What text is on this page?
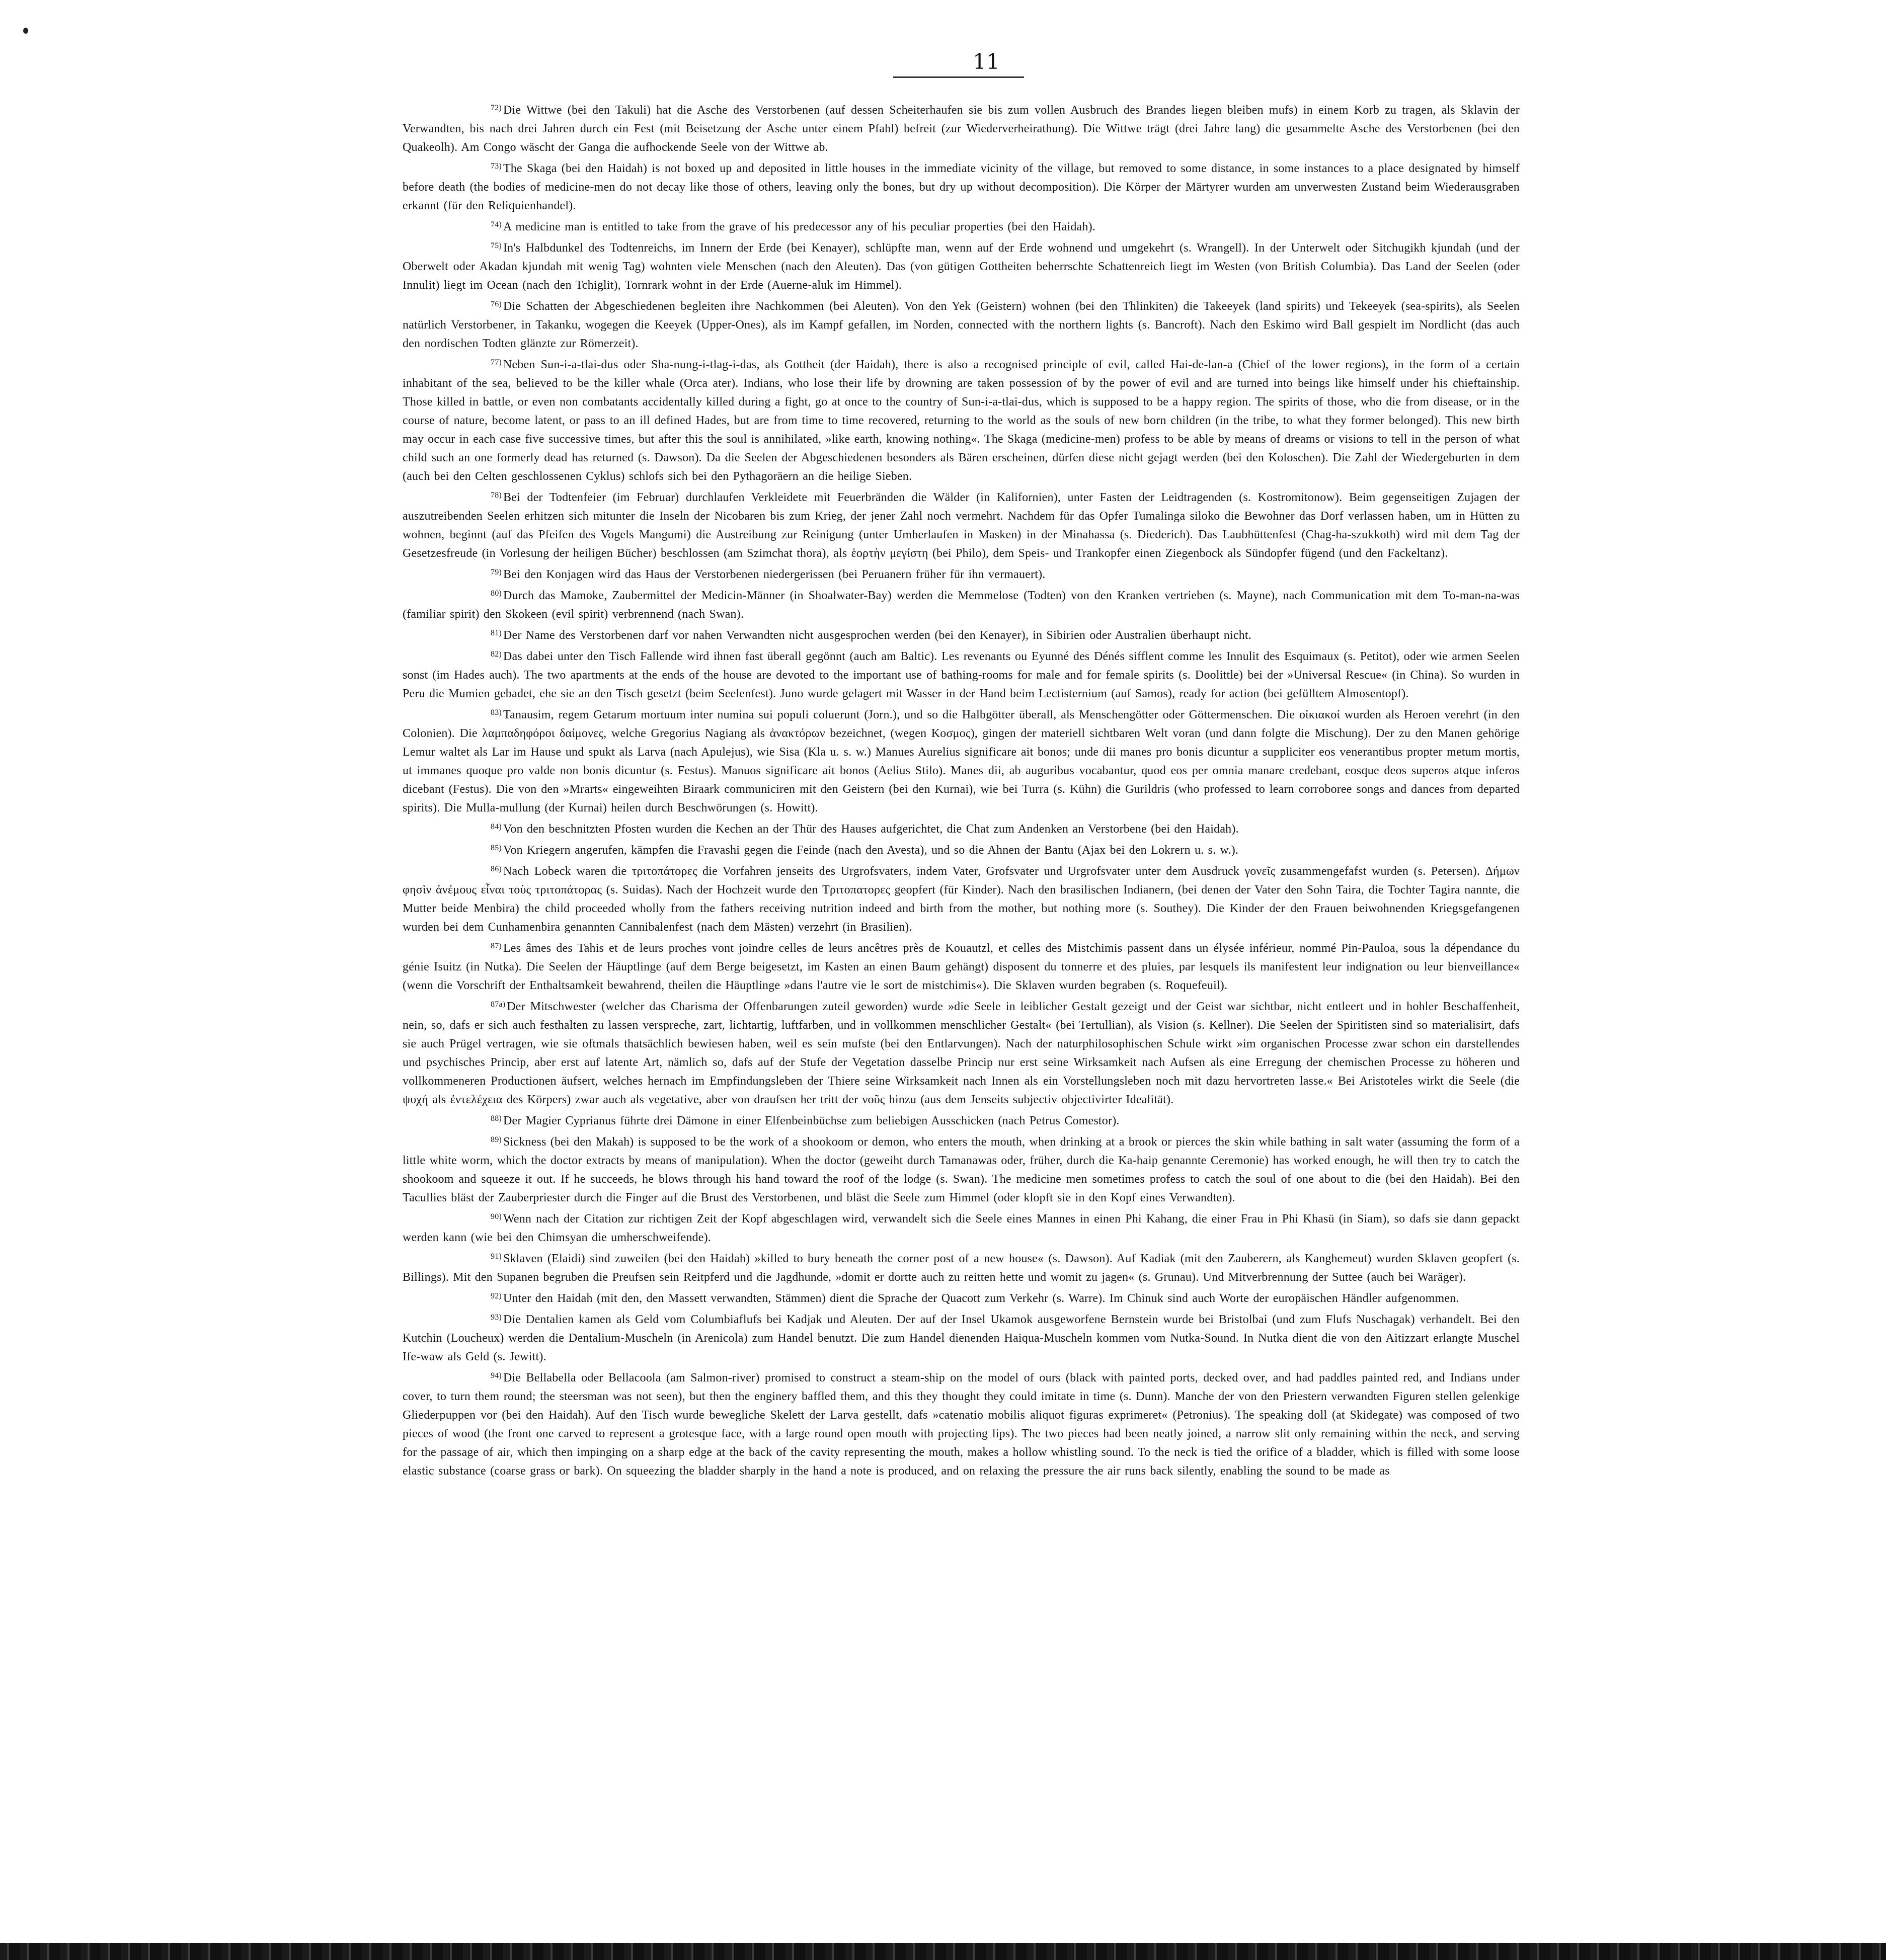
11

$^{72)}$ Die Wittwe (bei den Takuli) hat die Asche des Verstorbenen (auf dessen Scheiterhaufen sie bis zum vollen Ausbruch des Brandes liegen bleiben mufs) in einem Korb zu tragen, als Sklavin der Verwandten, bis nach drei Jahren durch ein Fest (mit Beisetzung der Asche unter einem Pfahl) befreit (zur Wiederverheirathung). Die Wittwe trägt (drei Jahre lang) die gesammelte Asche des Verstorbenen (bei den Quakeolh). Am Congo wäscht der Ganga die aufhockende Seele von der Wittwe ab.

$^{73)}$ The Skaga (bei den Haidah) is not boxed up and deposited in little houses in the immediate vicinity of the village, but removed to some distance, in some instances to a place designated by himself before death (the bodies of medicine-men do not decay like those of others, leaving only the bones, but dry up without decomposition). Die Körper der Märtyrer wurden am unverwesten Zustand beim Wiederausgraben erkannt (für den Reliquienhandel).

$^{74)}$ A medicine man is entitled to take from the grave of his predecessor any of his peculiar properties (bei den Haidah).

$^{75)}$ In's Halbdunkel des Todtenreichs, im Innern der Erde (bei Kenayer), schlüpfte man, wenn auf der Erde wohnend und umgekehrt (s. Wrangell). In der Unterwelt oder Sitchugikh kjundah (und der Oberwelt oder Akadan kjundah mit wenig Tag) wohnten viele Menschen (nach den Aleuten). Das (von gütigen Gottheiten beherrschte Schattenreich liegt im Westen (von British Columbia). Das Land der Seelen (oder Innulit) liegt im Ocean (nach den Tchiglit), Tornrark wohnt in der Erde (Auerne-aluk im Himmel).

$^{76)}$ Die Schatten der Abgeschiedenen begleiten ihre Nachkommen (bei Aleuten). Von den Yek (Geistern) wohnen (bei den Thlinkiten) die Takeeyek (land spirits) und Tekeeyek (sea-spirits), als Seelen natürlich Verstorbener, in Takanku, wogegen die Keeyek (Upper-Ones), als im Kampf gefallen, im Norden, connected with the northern lights (s. Bancroft). Nach den Eskimo wird Ball gespielt im Nordlicht (das auch den nordischen Todten glänzte zur Römerzeit).

$^{77)}$ Neben Sun-i-a-tlai-dus oder Sha-nung-i-tlag-i-das, als Gottheit (der Haidah), there is also a recognised principle of evil, called Hai-de-lan-a (Chief of the lower regions), in the form of a certain inhabitant of the sea, believed to be the killer whale (Orca ater). Indians, who lose their life by drowning are taken possession of by the power of evil and are turned into beings like himself under his chieftainship. Those killed in battle, or even non combatants accidentally killed during a fight, go at once to the country of Sun-i-a-tlai-dus, which is supposed to be a happy region. The spirits of those, who die from disease, or in the course of nature, become latent, or pass to an ill defined Hades, but are from time to time recovered, returning to the world as the souls of new born children (in the tribe, to what they former belonged). This new birth may occur in each case five successive times, but after this the soul is annihilated, »like earth, knowing nothing«. The Skaga (medicine-men) profess to be able by means of dreams or visions to tell in the person of what child such an one formerly dead has returned (s. Dawson). Da die Seelen der Abgeschiedenen besonders als Bären erscheinen, dürfen diese nicht gejagt werden (bei den Koloschen). Die Zahl der Wiedergeburten in dem (auch bei den Celten geschlossenen Cyklus) schlofs sich bei den Pythagoräern an die heilige Sieben.

$^{78)}$ Bei der Todtenfeier (im Februar) durchlaufen Verkleidete mit Feuerbränden die Wälder (in Kalifornien), unter Fasten der Leidtragenden (s. Kostromitonow). Beim gegenseitigen Zujagen der auszutreibenden Seelen erhitzen sich mitunter die Inseln der Nicobaren bis zum Krieg, der jener Zahl noch vermehrt. Nachdem für das Opfer Tumalinga siloko die Bewohner das Dorf verlassen haben, um in Hütten zu wohnen, beginnt (auf das Pfeifen des Vogels Mangumi) die Austreibung zur Reinigung (unter Umherlaufen in Masken) in der Minahassa (s. Diederich). Das Laubhüttenfest (Chag-ha-szukkoth) wird mit dem Tag der Gesetzesfreude (in Vorlesung der heiligen Bücher) beschlossen (am Szimchat thora), als ἑορτὴν μεγίστη (bei Philo), dem Speis- und Trankopfer einen Ziegenbock als Sündopfer fügend (und den Fackeltanz).

$^{79)}$ Bei den Konjagen wird das Haus der Verstorbenen niedergerissen (bei Peruanern früher für ihn vermauert).

$^{80)}$ Durch das Mamoke, Zaubermittel der Medicin-Männer (in Shoalwater-Bay) werden die Memmelose (Todten) von den Kranken vertrieben (s. Mayne), nach Communication mit dem To-man-na-was (familiar spirit) den Skokeen (evil spirit) verbrennend (nach Swan).

$^{81)}$ Der Name des Verstorbenen darf vor nahen Verwandten nicht ausgesprochen werden (bei den Kenayer), in Sibirien oder Australien überhaupt nicht.

$^{82)}$ Das dabei unter den Tisch Fallende wird ihnen fast überall gegönnt (auch am Baltic). Les revenants ou Eyunné des Dénés sifflent comme les Innulit des Esquimaux (s. Petitot), oder wie armen Seelen sonst (im Hades auch). The two apartments at the ends of the house are devoted to the important use of bathing-rooms for male and for female spirits (s. Doolittle) bei der »Universal Rescue« (in China). So wurden in Peru die Mumien gebadet, ehe sie an den Tisch gesetzt (beim Seelenfest). Juno wurde gelagert mit Wasser in der Hand beim Lectisternium (auf Samos), ready for action (bei gefülltem Almosentopf).

$^{83)}$ Tanausim, regem Getarum mortuum inter numina sui populi coluerunt (Jorn.), und so die Halbgötter überall, als Menschengötter oder Göttermenschen. Die οἰκιακοί wurden als Heroen verehrt (in den Colonien). Die λαμπαδηφόροι δαίμονες, welche Gregorius Nagiang als ἀνακτόρων bezeichnet, (wegen Κοσμος), gingen der materiell sichtbaren Welt voran (und dann folgte die Mischung). Der zu den Manen gehörige Lemur waltet als Lar im Hause und spukt als Larva (nach Apulejus), wie Sisa (Kla u. s. w.) Manues Aurelius significare ait bonos; unde dii manes pro bonis dicuntur a suppliciter eos venerantibus propter metum mortis, ut immanes quoque pro valde non bonis dicuntur (s. Festus). Manuos significare ait bonos (Aelius Stilo). Manes dii, ab auguribus vocabantur, quod eos per omnia manare credebant, eosque deos superos atque inferos dicebant (Festus). Die von den »Mrarts« eingeweihten Biraark communiciren mit den Geistern (bei den Kurnai), wie bei Turra (s. Kühn) die Gurildris (who professed to learn corroboree songs and dances from departed spirits). Die Mulla-mullung (der Kurnai) heilen durch Beschwörungen (s. Howitt).

$^{84)}$ Von den beschnitzten Pfosten wurden die Kechen an der Thür des Hauses aufgerichtet, die Chat zum Andenken an Verstorbene (bei den Haidah).

$^{85)}$ Von Kriegern angerufen, kämpfen die Fravashi gegen die Feinde (nach den Avesta), und so die Ahnen der Bantu (Ajax bei den Lokrern u. s. w.).

$^{86)}$ Nach Lobeck waren die τριτοπάτορες die Vorfahren jenseits des Urgrofsvaters, indem Vater, Grofsvater und Urgrofsvater unter dem Ausdruck γονεῖς zusammengefafst wurden (s. Petersen). Δήμων φησὶν ἀνέμους εἶναι τοὺς τριτοπάτορας (s. Suidas). Nach der Hochzeit wurde den Τριτοπατορες geopfert (für Kinder). Nach den brasilischen Indianern, (bei denen der Vater den Sohn Taira, die Tochter Tagira nannte, die Mutter beide Menbira) the child proceeded wholly from the fathers receiving nutrition indeed and birth from the mother, but nothing more (s. Southey). Die Kinder der den Frauen beiwohnenden Kriegsgefangenen wurden bei dem Cunhamenbira genannten Cannibalenfest (nach dem Mästen) verzehrt (in Brasilien).

$^{87)}$ Les âmes des Tahis et de leurs proches vont joindre celles de leurs ancêtres près de Kouautzl, et celles des Mistchimis passent dans un élysée inférieur, nommé Pin-Pauloa, sous la dépendance du génie Isuitz (in Nutka). Die Seelen der Häuptlinge (auf dem Berge beigesetzt, im Kasten an einen Baum gehängt) disposent du tonnerre et des pluies, par lesquels ils manifestent leur indignation ou leur bienveillance« (wenn die Vorschrift der Enthaltsamkeit bewahrend, theilen die Häuptlinge »dans l'autre vie le sort de mistchimis«). Die Sklaven wurden begraben (s. Roquefeuil).

$^{87a)}$ Der Mitschwester (welcher das Charisma der Offenbarungen zuteil geworden) wurde »die Seele in leiblicher Gestalt gezeigt und der Geist war sichtbar, nicht entleert und in hohler Beschaffenheit, nein, so, dafs er sich auch festhalten zu lassen verspreche, zart, lichtartig, luftfarben, und in vollkommen menschlicher Gestalt« (bei Tertullian), als Vision (s. Kellner). Die Seelen der Spiritisten sind so materialisirt, dafs sie auch Prügel vertragen, wie sie oftmals thatsächlich bewiesen haben, weil es sein mufste (bei den Entlarvungen). Nach der naturphilosophischen Schule wirkt »im organischen Processe zwar schon ein darstellendes und psychisches Princip, aber erst auf latente Art, nämlich so, dafs auf der Stufe der Vegetation dasselbe Princip nur erst seine Wirksamkeit nach Aufsen als eine Erregung der chemischen Processe zu höheren und vollkommeneren Productionen äufsert, welches hernach im Empfindungsleben der Thiere seine Wirksamkeit nach Innen als ein Vorstellungsleben noch mit dazu hervortreten lasse.« Bei Aristoteles wirkt die Seele (die ψυχή als ἐντελέχεια des Körpers) zwar auch als vegetative, aber von draufsen her tritt der νοῦς hinzu (aus dem Jenseits subjectiv objectivirter Idealität).

$^{88)}$ Der Magier Cyprianus führte drei Dämone in einer Elfenbeinbüchse zum beliebigen Ausschicken (nach Petrus Comestor).

$^{89)}$ Sickness (bei den Makah) is supposed to be the work of a shookoom or demon, who enters the mouth, when drinking at a brook or pierces the skin while bathing in salt water (assuming the form of a little white worm, which the doctor extracts by means of manipulation). When the doctor (geweiht durch Tamanawas oder, früher, durch die Ka-haip genannte Ceremonie) has worked enough, he will then try to catch the shookoom and squeeze it out. If he succeeds, he blows through his hand toward the roof of the lodge (s. Swan). The medicine men sometimes profess to catch the soul of one about to die (bei den Haidah). Bei den Tacullies bläst der Zauberpriester durch die Finger auf die Brust des Verstorbenen, und bläst die Seele zum Himmel (oder klopft sie in den Kopf eines Verwandten).

$^{90)}$ Wenn nach der Citation zur richtigen Zeit der Kopf abgeschlagen wird, verwandelt sich die Seele eines Mannes in einen Phi Kahang, die einer Frau in Phi Khasü (in Siam), so dafs sie dann gepackt werden kann (wie bei den Chimsyan die umherschweifende).

$^{91)}$ Sklaven (Elaidi) sind zuweilen (bei den Haidah) »killed to bury beneath the corner post of a new house« (s. Dawson). Auf Kadiak (mit den Zauberern, als Kanghemeut) wurden Sklaven geopfert (s. Billings). Mit den Supanen begruben die Preufsen sein Reitpferd und die Jagdhunde, »domit er dortte auch zu reitten hette und womit zu jagen« (s. Grunau). Und Mitverbrennung der Suttee (auch bei Waräger).

$^{92)}$ Unter den Haidah (mit den, den Massett verwandten, Stämmen) dient die Sprache der Quacott zum Verkehr (s. Warre). Im Chinuk sind auch Worte der europäischen Händler aufgenommen.

$^{93)}$ Die Dentalien kamen als Geld vom Columbiaflufs bei Kadjak und Aleuten. Der auf der Insel Ukamok ausgeworfene Bernstein wurde bei Bristolbai (und zum Flufs Nuschagak) verhandelt. Bei den Kutchin (Loucheux) werden die Dentalium-Muscheln (in Arenicola) zum Handel benutzt. Die zum Handel dienenden Haiqua-Muscheln kommen vom Nutka-Sound. In Nutka dient die von den Aitizzart erlangte Muschel Ife-waw als Geld (s. Jewitt).

$^{94)}$ Die Bellabella oder Bellacoola (am Salmon-river) promised to construct a steam-ship on the model of ours (black with painted ports, decked over, and had paddles painted red, and Indians under cover, to turn them round; the steersman was not seen), but then the enginery baffled them, and this they thought they could imitate in time (s. Dunn). Manche der von den Priestern verwandten Figuren stellen gelenkige Gliederpuppen vor (bei den Haidah). Auf den Tisch wurde bewegliche Skelett der Larva gestellt, dafs »catenatio mobilis aliquot figuras exprimeret« (Petronius). The speaking doll (at Skidegate) was composed of two pieces of wood (the front one carved to represent a grotesque face, with a large round open mouth with projecting lips). The two pieces had been neatly joined, a narrow slit only remaining within the neck, and serving for the passage of air, which then impinging on a sharp edge at the back of the cavity representing the mouth, makes a hollow whistling sound. To the neck is tied the orifice of a bladder, which is filled with some loose elastic substance (coarse grass or bark). On squeezing the bladder sharply in the hand a note is produced, and on relaxing the pressure the air runs back silently, enabling the sound to be made as
